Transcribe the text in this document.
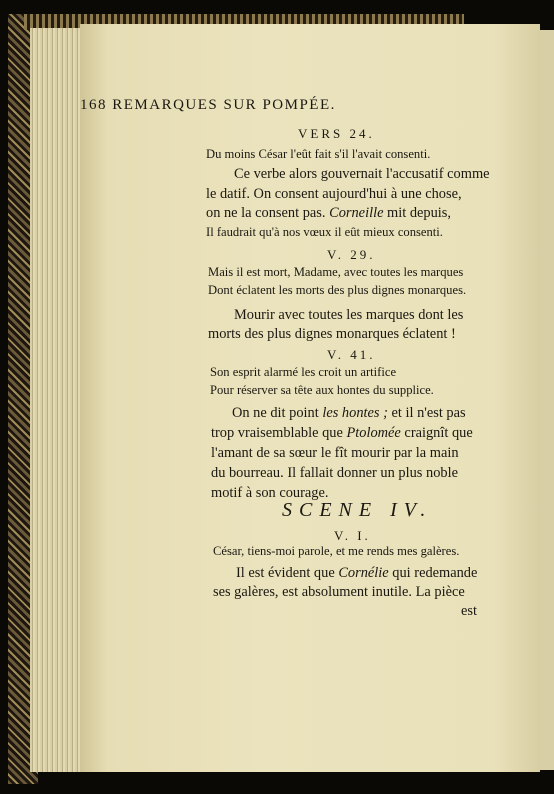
168 REMARQUES SUR POMPÉE.
VERS 24.
Du moins César l'eût fait s'il l'avait consenti.
Ce verbe alors gouvernait l'accusatif comme
le datif. On consent aujourd'hui à une chose,
on ne la consent pas. Corneille mit depuis,
Il faudrait qu'à nos vœux il eût mieux consenti.
V. 29.
Mais il est mort, Madame, avec toutes les marques
Dont éclatent les morts des plus dignes monarques.
Mourir avec toutes les marques dont les
morts des plus dignes monarques éclatent !
V. 41.
Son esprit alarmé les croit un artifice
Pour réserver sa tête aux hontes du supplice.
On ne dit point les hontes ; et il n'est pas
trop vraisemblable que Ptolomée craignît que
l'amant de sa sœur le fît mourir par la main
du bourreau. Il fallait donner un plus noble
motif à son courage.
SCENE IV.
V. I.
César, tiens-moi parole, et me rends mes galères.
Il est évident que Cornélie qui redemande
ses galères, est absolument inutile. La pièce
est
